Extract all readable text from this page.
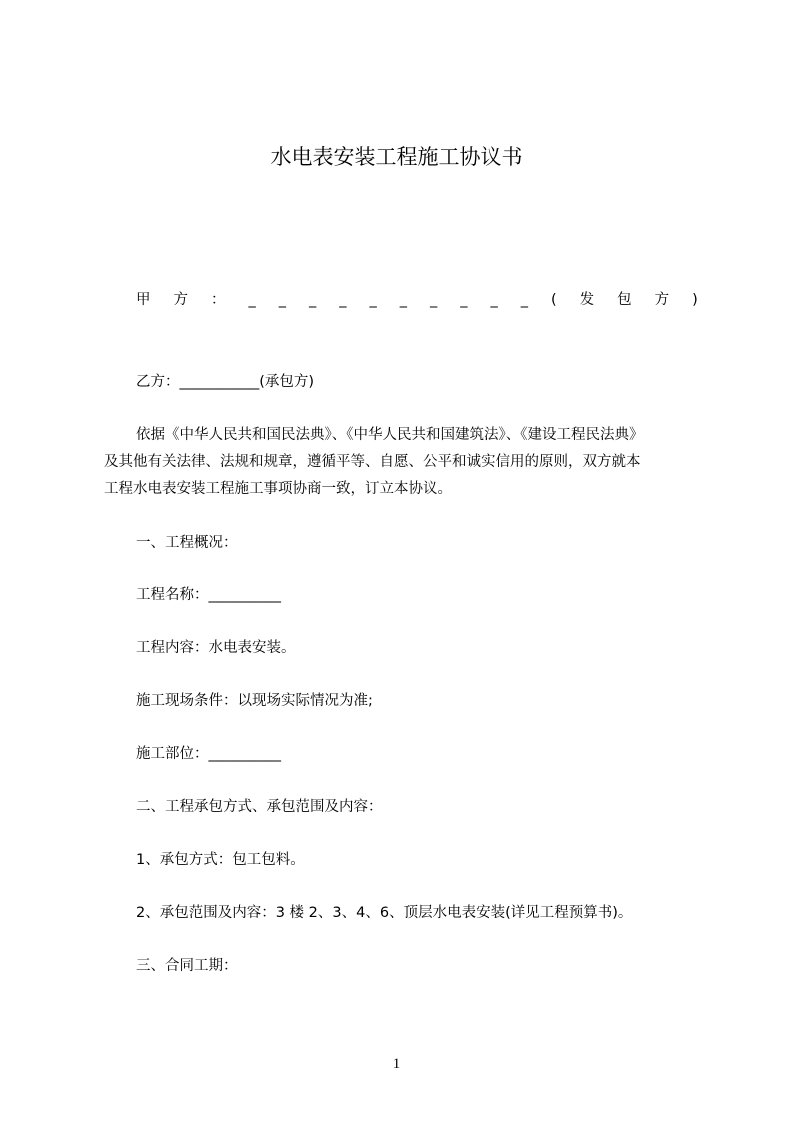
水电表安装工程施工协议书
甲 方 ： _ _ _ _ _ _ _ _ _ _ ( 发 包 方 )
乙方：___________(承包方)
依据《中华人民共和国民法典》、《中华人民共和国建筑法》、《建设工程民法典》
及其他有关法律、法规和规章，遵循平等、自愿、公平和诚实信用的原则，双方就本
工程水电表安装工程施工事项协商一致，订立本协议。
一、工程概况：
工程名称：__________
工程内容：水电表安装。
施工现场条件：以现场实际情况为准;
施工部位：__________
二、工程承包方式、承包范围及内容：
1、承包方式：包工包料。
2、承包范围及内容：3 楼 2、3、4、6、顶层水电表安装(详见工程预算书)。
三、合同工期：
1
